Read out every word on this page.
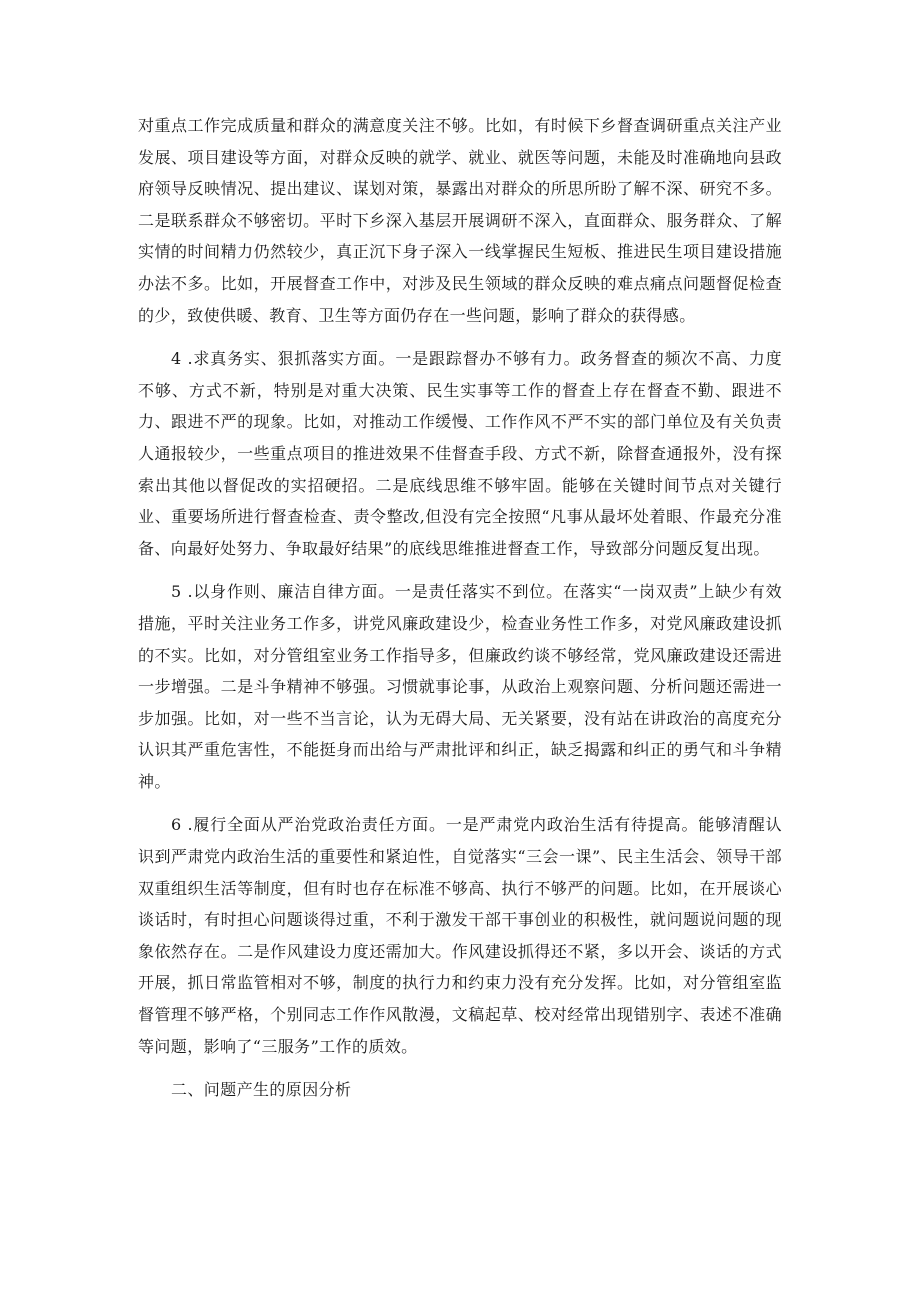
对重点工作完成质量和群众的满意度关注不够。比如，有时候下乡督查调研重点关注产业发展、项目建设等方面，对群众反映的就学、就业、就医等问题，未能及时准确地向县政府领导反映情况、提出建议、谋划对策，暴露出对群众的所思所盼了解不深、研究不多。二是联系群众不够密切。平时下乡深入基层开展调研不深入，直面群众、服务群众、了解实情的时间精力仍然较少，真正沉下身子深入一线掌握民生短板、推进民生项目建设措施办法不多。比如，开展督查工作中，对涉及民生领域的群众反映的难点痛点问题督促检查的少，致使供暖、教育、卫生等方面仍存在一些问题，影响了群众的获得感。

4 .求真务实、狠抓落实方面。一是跟踪督办不够有力。政务督查的频次不高、力度不够、方式不新，特别是对重大决策、民生实事等工作的督查上存在督查不勤、跟进不力、跟进不严的现象。比如，对推动工作缓慢、工作作风不严不实的部门单位及有关负责人通报较少，一些重点项目的推进效果不佳督查手段、方式不新，除督查通报外，没有探索出其他以督促改的实招硬招。二是底线思维不够牢固。能够在关键时间节点对关键行业、重要场所进行督查检查、责令整改,但没有完全按照“凡事从最坏处着眼、作最充分准备、向最好处努力、争取最好结果”的底线思维推进督查工作，导致部分问题反复出现。

5 .以身作则、廉洁自律方面。一是责任落实不到位。在落实“一岗双责”上缺少有效措施，平时关注业务工作多，讲党风廉政建设少，检查业务性工作多，对党风廉政建设抓的不实。比如，对分管组室业务工作指导多，但廉政约谈不够经常，党风廉政建设还需进一步增强。二是斗争精神不够强。习惯就事论事，从政治上观察问题、分析问题还需进一步加强。比如，对一些不当言论，认为无碍大局、无关紧要，没有站在讲政治的高度充分认识其严重危害性，不能挺身而出给与严肃批评和纠正，缺乏揭露和纠正的勇气和斗争精神。

6 .履行全面从严治党政治责任方面。一是严肃党内政治生活有待提高。能够清醒认识到严肃党内政治生活的重要性和紧迫性，自觉落实“三会一课”、民主生活会、领导干部双重组织生活等制度，但有时也存在标准不够高、执行不够严的问题。比如，在开展谈心谈话时，有时担心问题谈得过重，不利于激发干部干事创业的积极性，就问题说问题的现象依然存在。二是作风建设力度还需加大。作风建设抓得还不紧，多以开会、谈话的方式开展，抓日常监管相对不够，制度的执行力和约束力没有充分发挥。比如，对分管组室监督管理不够严格，个别同志工作作风散漫，文稿起草、校对经常出现错别字、表述不准确等问题，影响了“三服务”工作的质效。

二、问题产生的原因分析
